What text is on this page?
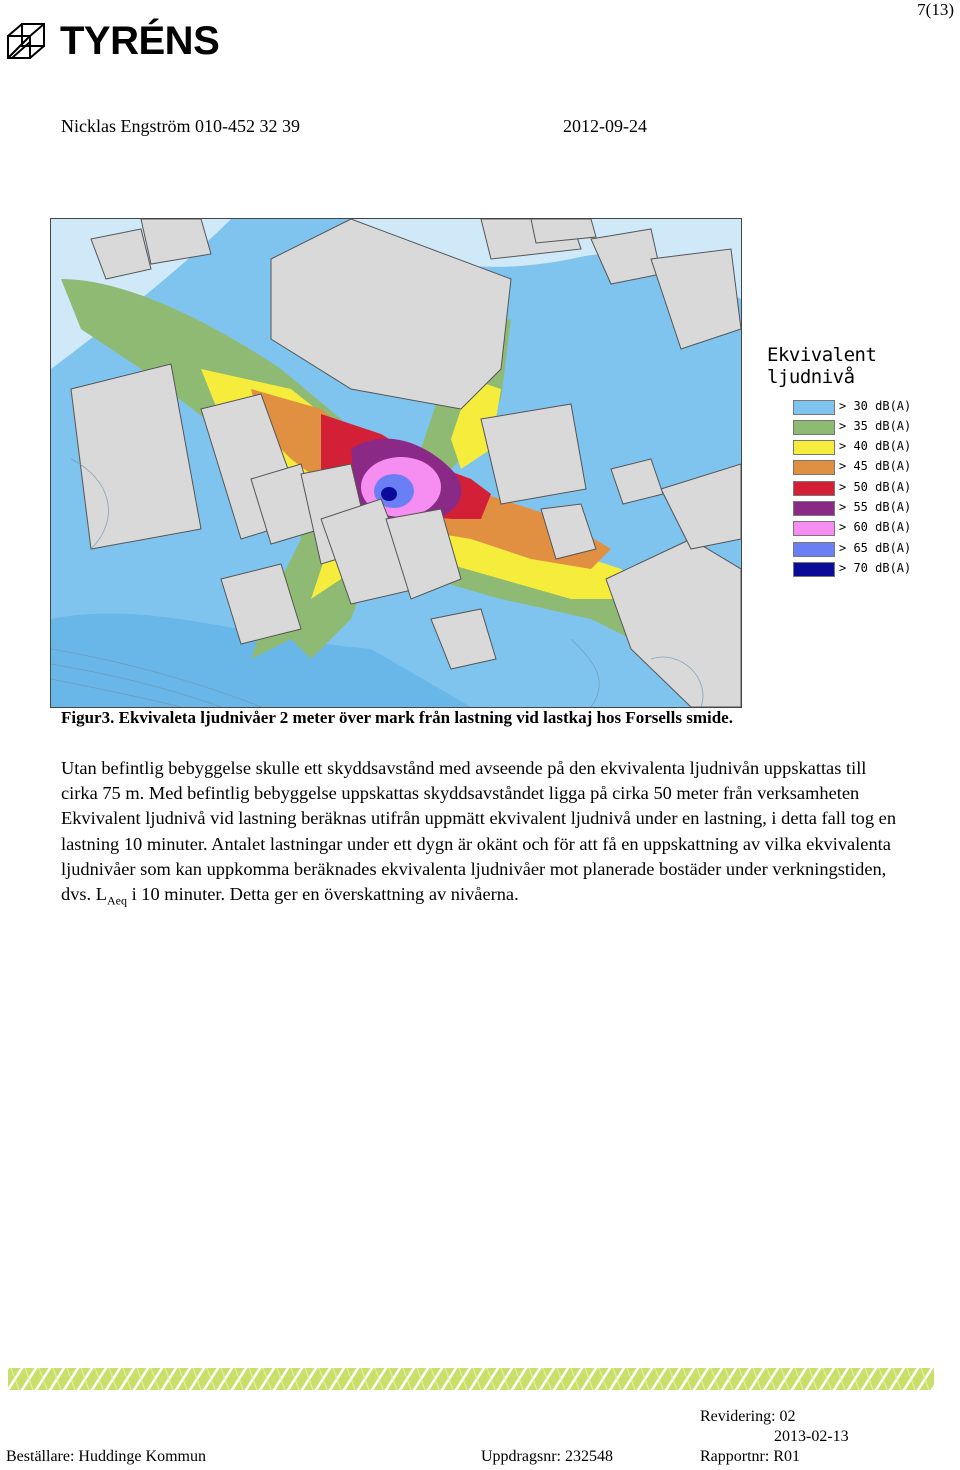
7(13)
TYRÉNS
Nicklas Engström 010-452 32 39	2012-09-24
Ekvivalent ljudnivå
> 30 dB(A)
> 35 dB(A)
> 40 dB(A)
> 45 dB(A)
> 50 dB(A)
> 55 dB(A)
> 60 dB(A)
> 65 dB(A)
> 70 dB(A)
Figur3. Ekvivaleta ljudnivåer 2 meter över mark från lastning vid lastkaj hos Forsells smide.

Utan befintlig bebyggelse skulle ett skyddsavstånd med avseende på den ekvivalenta ljudnivån uppskattas till cirka 75 m. Med befintlig bebyggelse uppskattas skyddsavståndet ligga på cirka 50 meter från verksamheten Ekvivalent ljudnivå vid lastning beräknas utifrån uppmätt ekvivalent ljudnivå under en lastning, i detta fall tog en lastning 10 minuter. Antalet lastningar under ett dygn är okänt och för att få en uppskattning av vilka ekvivalenta ljudnivåer som kan uppkomma beräknades ekvivalenta ljudnivåer mot planerade bostäder under verkningstiden, dvs. $L_{Aeq}$ i 10 minuter. Detta ger en överskattning av nivåerna.

Revidering: 02
2013-02-13
Beställare: Huddinge Kommun	Uppdragsnr: 232548	Rapportnr: R01
